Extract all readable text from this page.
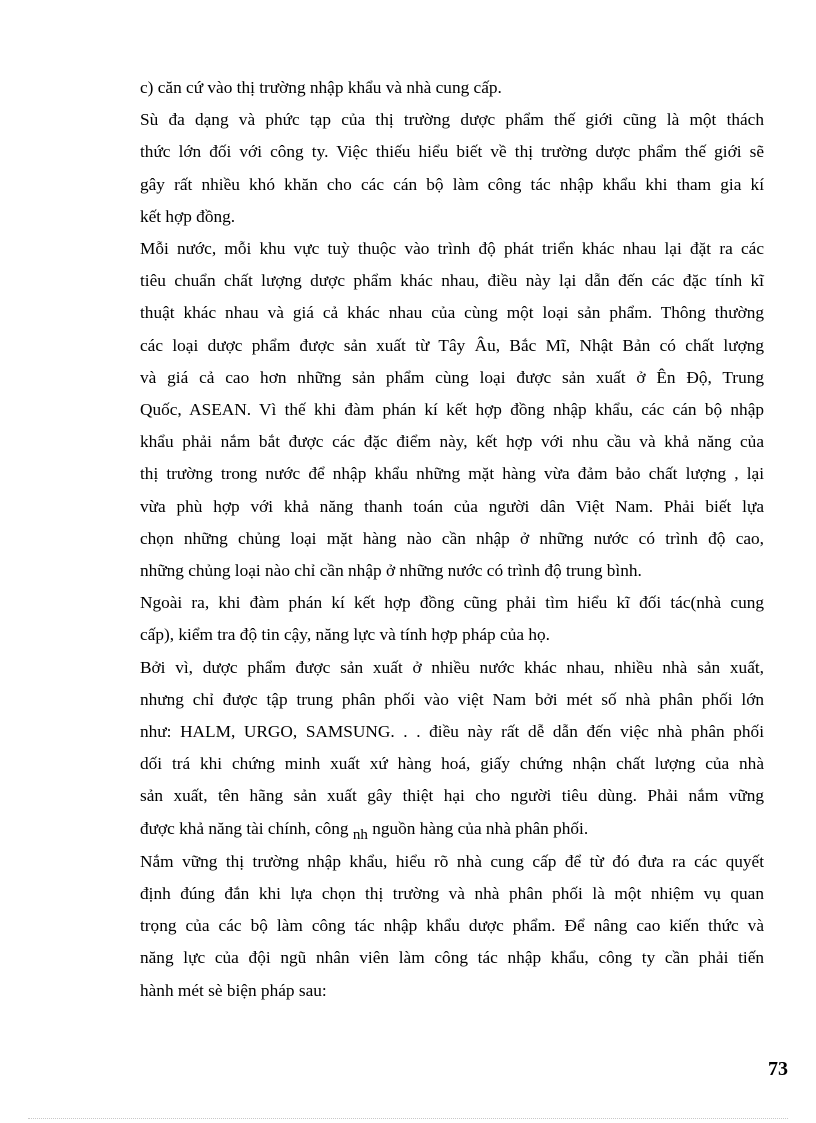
c) căn cứ vào thị trường nhập khẩu và nhà cung cấp.

Sù đa dạng và phức tạp của thị trường dược phẩm thế giới cũng là một thách
thức lớn đối với công ty. Việc thiếu hiểu biết về thị trường dược phẩm thế giới sẽ
gây rất nhiều khó khăn cho các cán bộ làm công tác nhập khẩu khi tham gia kí
kết hợp đồng.

Mỗi nước, mỗi khu vực tuỳ thuộc vào trình độ phát triển khác nhau lại đặt ra các
tiêu chuẩn chất lượng dược phẩm khác nhau, điều này lại dẫn đến các đặc tính kĩ
thuật khác nhau và giá cả khác nhau của cùng một loại sản phẩm. Thông thường
các loại dược phẩm được sản xuất từ Tây Âu, Bắc Mĩ, Nhật Bản có chất lượng
và giá cả cao hơn những sản phẩm cùng loại được sản xuất ở Ên Độ, Trung
Quốc, ASEAN. Vì thế khi đàm phán kí kết hợp đồng nhập khẩu, các cán bộ nhập
khẩu phải nắm bắt được các đặc điểm này, kết hợp với nhu cầu và khả năng của
thị trường trong nước để nhập khẩu những mặt hàng vừa đảm bảo chất lượng , lại
vừa phù hợp với khả năng thanh toán của người dân Việt Nam. Phải biết lựa
chọn những chủng loại mặt hàng nào cần nhập ở những nước có trình độ cao,
những chủng loại nào chỉ cần nhập ở những nước có trình độ trung bình.

Ngoài ra, khi đàm phán kí kết hợp đồng cũng phải tìm hiểu kĩ đối tác(nhà cung
cấp), kiểm tra độ tin cậy, năng lực và tính hợp pháp của họ.

Bởi vì, dược phẩm được sản xuất ở nhiều nước khác nhau, nhiều nhà sản xuất,
nhưng chỉ được tập trung phân phối vào việt Nam bởi mét số nhà phân phối lớn
như: HALM, URGO, SAMSUNG. . . điều này rất dễ dẫn đến việc nhà phân phối
dối trá khi chứng minh xuất xứ hàng hoá, giấy chứng nhận chất lượng của nhà
sản xuất, tên hãng sản xuất gây thiệt hại cho người tiêu dùng. Phải nắm vững
được khả năng tài chính, công nh nguồn hàng của nhà phân phối.

Nắm vững thị trường nhập khẩu, hiểu rõ nhà cung cấp để từ đó đưa ra các quyết
định đúng đắn khi lựa chọn thị trường và nhà phân phối là một nhiệm vụ quan
trọng của các bộ làm công tác nhập khẩu dược phẩm. Để nâng cao kiến thức và
năng lực của đội ngũ nhân viên làm công tác nhập khẩu, công ty cần phải tiến
hành mét sè biện pháp sau:

73
